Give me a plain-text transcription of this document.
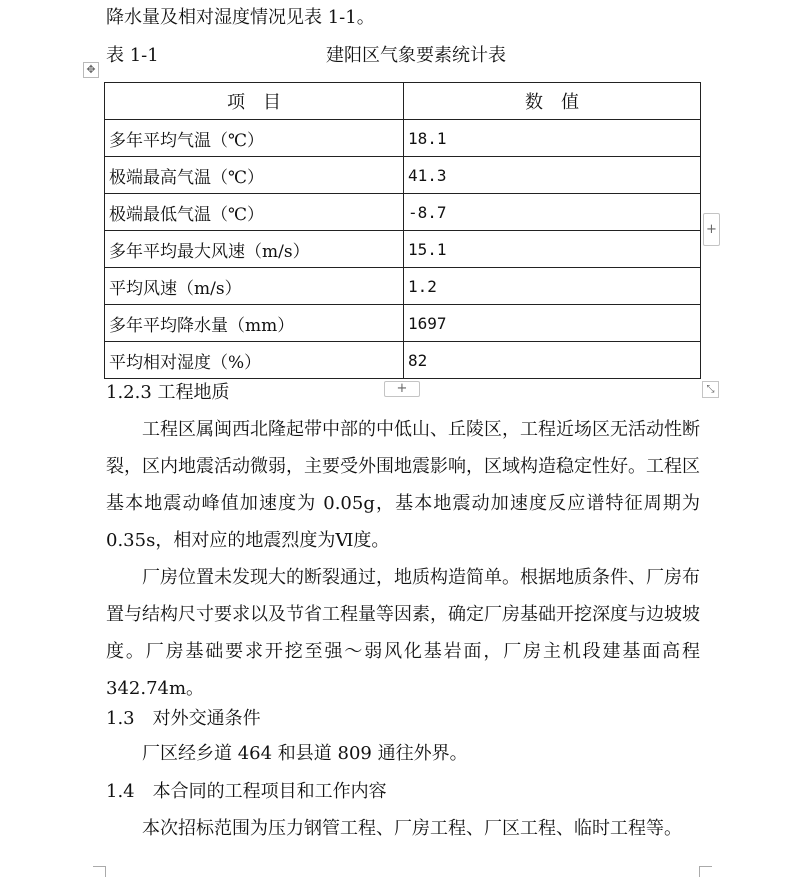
降水量及相对湿度情况见表 1-1。
表 1-1	建阳区气象要素统计表
✥
项　目	数　值
多年平均气温（℃）	18.1
极端最高气温（℃）	41.3
极端最低气温（℃）	-8.7
多年平均最大风速（m/s）	15.1
平均风速（m/s）	1.2
多年平均降水量（mm）	1697
平均相对湿度（%）	82
+
+	⤡
1.2.3 工程地质
工程区属闽西北隆起带中部的中低山、丘陵区，工程近场区无活动性断裂，区内地震活动微弱，主要受外围地震影响，区域构造稳定性好。工程区基本地震动峰值加速度为 0.05g，基本地震动加速度反应谱特征周期为 0.35s，相对应的地震烈度为Ⅵ度。
厂房位置未发现大的断裂通过，地质构造简单。根据地质条件、厂房布置与结构尺寸要求以及节省工程量等因素，确定厂房基础开挖深度与边坡坡度。厂房基础要求开挖至强～弱风化基岩面，厂房主机段建基面高程 342.74m。
1.3　对外交通条件
厂区经乡道 464 和县道 809 通往外界。
1.4　本合同的工程项目和工作内容
本次招标范围为压力钢管工程、厂房工程、厂区工程、临时工程等。
